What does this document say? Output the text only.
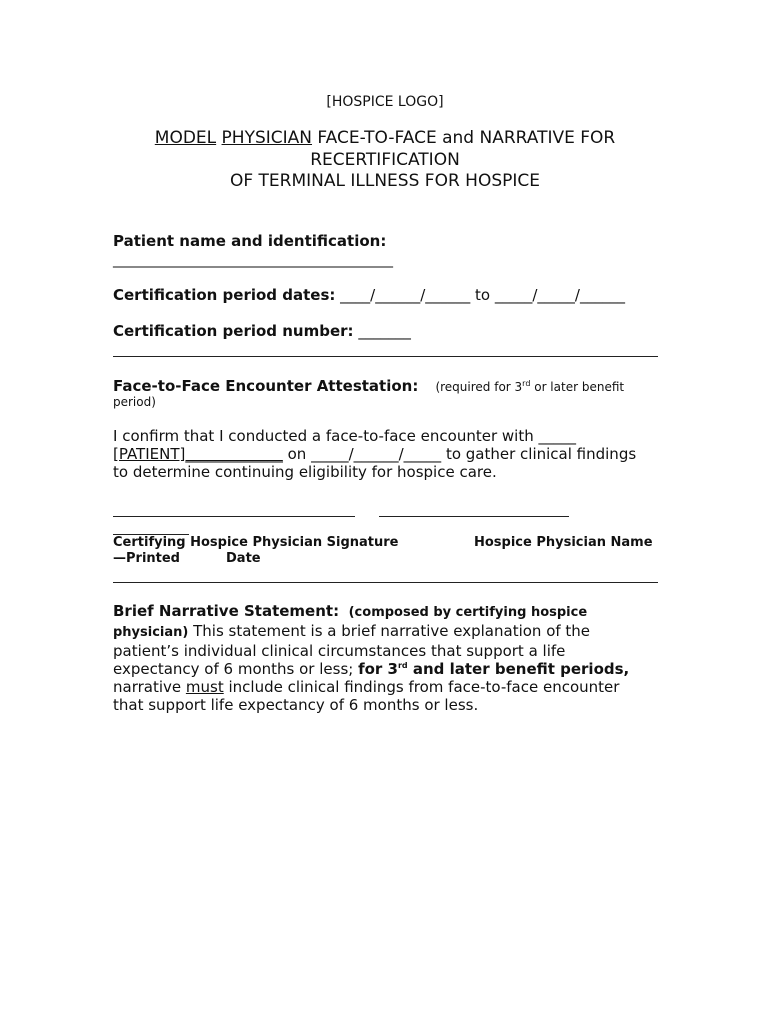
[HOSPICE LOGO]
MODEL PHYSICIAN FACE-TO-FACE and NARRATIVE FOR
RECERTIFICATION
OF TERMINAL ILLNESS FOR HOSPICE
Patient name and identification:
________________________________________
Certification period dates: ____/______/______ to _____/_____/______
Certification period number: _______
Face-to-Face Encounter Attestation: (required for 3rd or later benefit
period)
I confirm that I conducted a face-to-face encounter with _____
[PATIENT]_____________ on _____/______/_____ to gather clinical findings
to determine continuing eligibility for hospice care.
Certifying Hospice Physician Signature	Hospice Physician Name
—Printed	Date
Brief Narrative Statement: (composed by certifying hospice
physician) This statement is a brief narrative explanation of the
patient’s individual clinical circumstances that support a life
expectancy of 6 months or less; for 3rd and later benefit periods,
narrative must include clinical findings from face-to-face encounter
that support life expectancy of 6 months or less.
